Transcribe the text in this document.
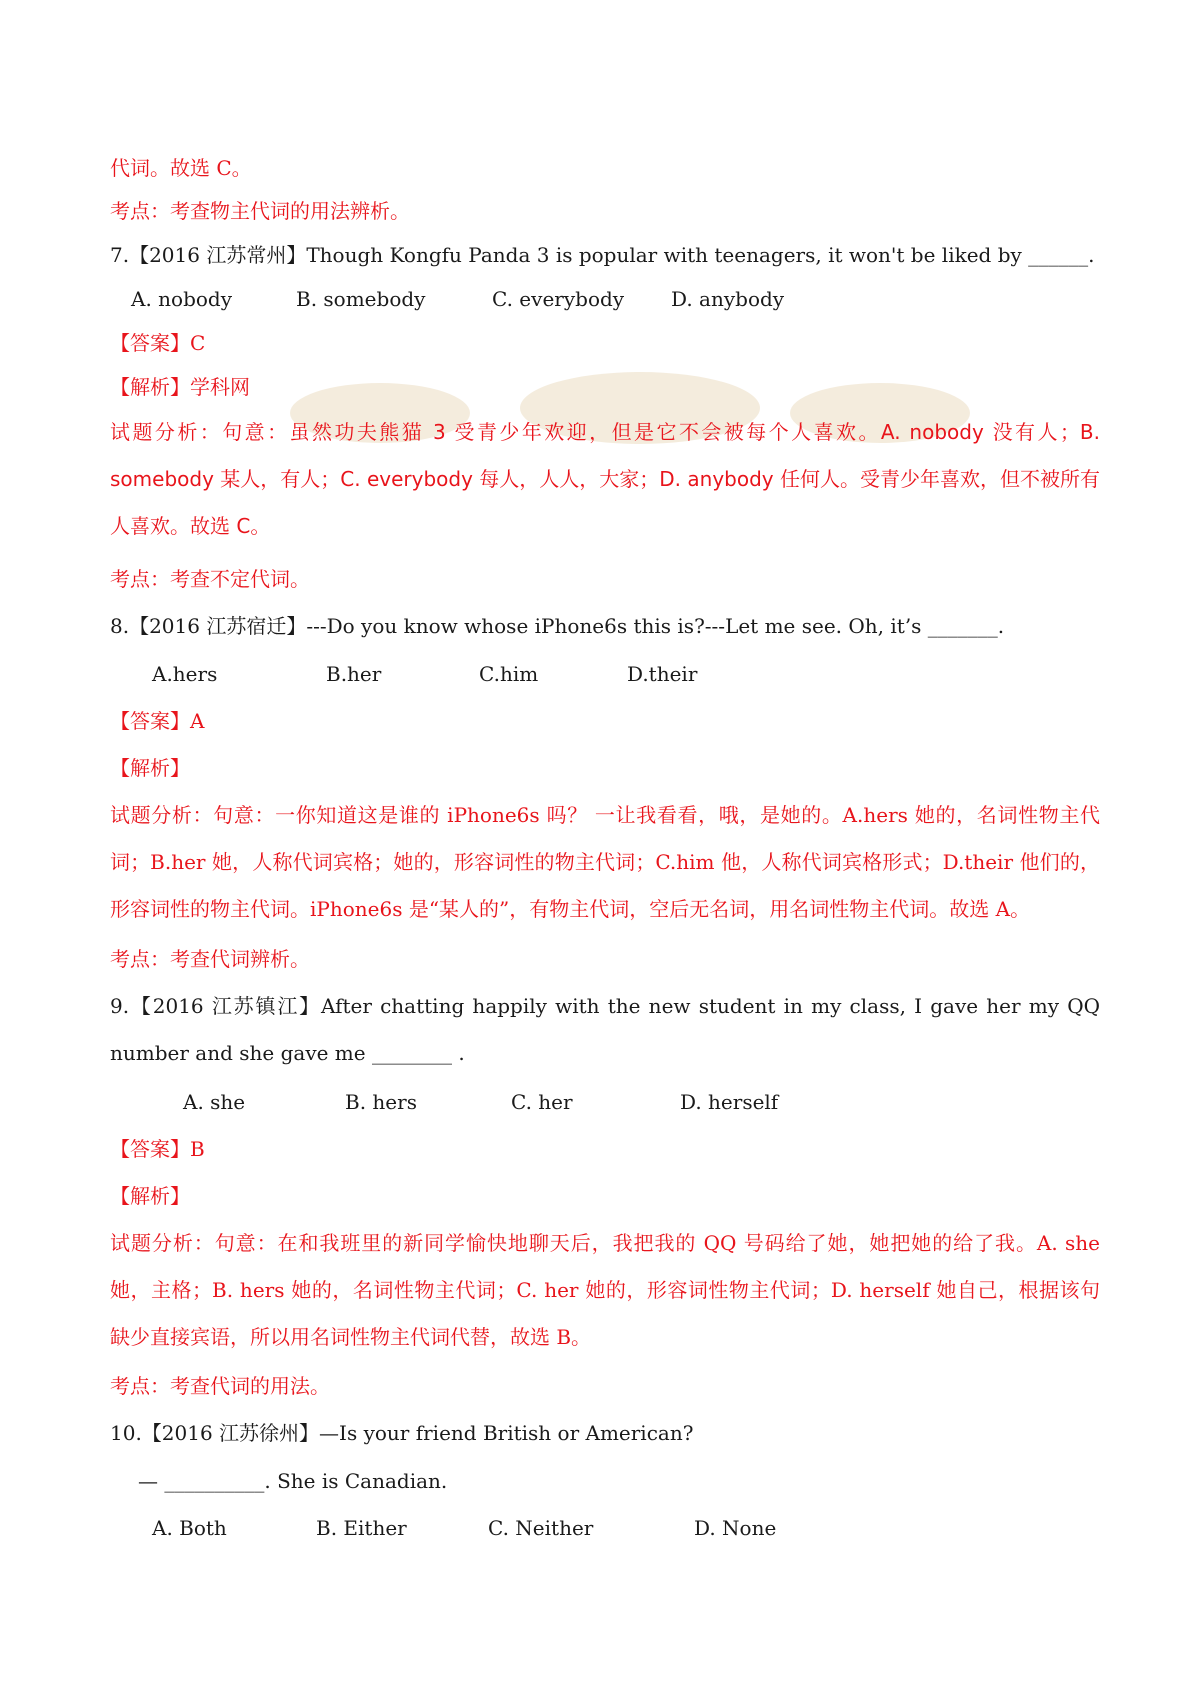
代词。故选 C。
考点：考查物主代词的用法辨析。
7.【2016 江苏常州】Though Kongfu Panda 3 is popular with teenagers, it won't be liked by ______.
A. nobody	B. somebody	C. everybody D. anybody
【答案】C
【解析】学科网
试题分析：句意：虽然功夫熊猫 3 受青少年欢迎，但是它不会被每个人喜欢。A. nobody 没有人；B. somebody 某人，有人；C. everybody 每人，人人，大家；D. anybody 任何人。受青少年喜欢，但不被所有人喜欢。故选 C。
考点：考查不定代词。
8.【2016 江苏宿迁】---Do you know whose iPhone6s this is?---Let me see. Oh, it’s _______.
A.hers	B.her	C.him	D.their
【答案】A
【解析】
试题分析：句意：一你知道这是谁的 iPhone6s 吗？ 一让我看看，哦，是她的。A.hers 她的，名词性物主代词；B.her 她，人称代词宾格；她的，形容词性的物主代词；C.him 他，人称代词宾格形式；D.their 他们的，形容词性的物主代词。iPhone6s 是“某人的”，有物主代词，空后无名词，用名词性物主代词。故选 A。
考点：考查代词辨析。
9.【2016 江苏镇江】After chatting happily with the new student in my class, I gave her my QQ number and she gave me ________ .
A. she	B. hers	C. her	D. herself
【答案】B
【解析】
试题分析：句意：在和我班里的新同学愉快地聊天后，我把我的 QQ 号码给了她，她把她的给了我。A. she 她，主格；B. hers 她的，名词性物主代词；C. her 她的，形容词性物主代词；D. herself 她自己，根据该句缺少直接宾语，所以用名词性物主代词代替，故选 B。
考点：考查代词的用法。
10.【2016 江苏徐州】—Is your friend British or American?
— __________. She is Canadian.
A. Both	B. Either	C. Neither	D. None
